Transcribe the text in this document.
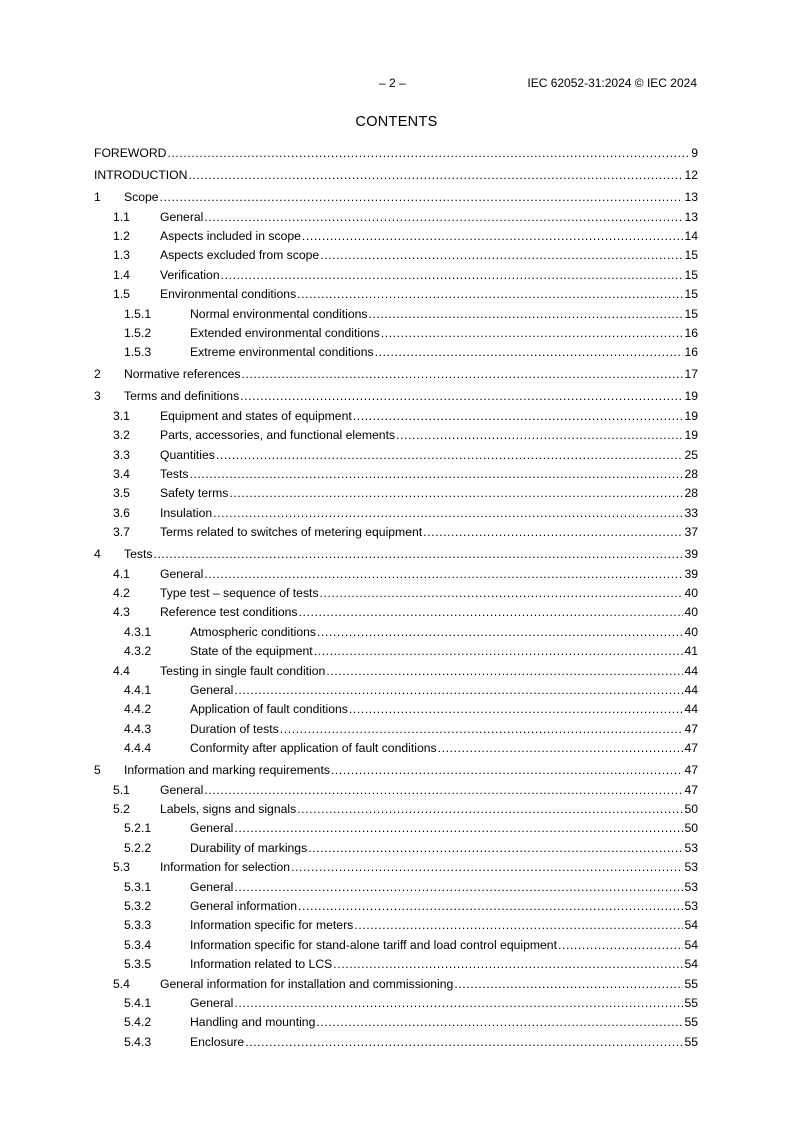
– 2 –	IEC 62052-31:2024 © IEC 2024
CONTENTS
FOREWORD .....	9
INTRODUCTION .....	12
1 Scope .....	13
1.1 General .....	13
1.2 Aspects included in scope .....	14
1.3 Aspects excluded from scope .....	15
1.4 Verification .....	15
1.5 Environmental conditions .....	15
1.5.1	Normal environmental conditions .....	15
1.5.2	Extended environmental conditions .....	16
1.5.3	Extreme environmental conditions .....	16
2 Normative references .....	17
3 Terms and definitions .....	19
3.1 Equipment and states of equipment .....	19
3.2 Parts, accessories, and functional elements .....	19
3.3 Quantities .....	25
3.4 Tests .....	28
3.5 Safety terms .....	28
3.6 Insulation .....	33
3.7 Terms related to switches of metering equipment .....	37
4 Tests .....	39
4.1 General .....	39
4.2 Type test – sequence of tests .....	40
4.3 Reference test conditions .....	40
4.3.1	Atmospheric conditions .....	40
4.3.2	State of the equipment .....	41
4.4 Testing in single fault condition .....	44
4.4.1	General .....	44
4.4.2	Application of fault conditions .....	44
4.4.3	Duration of tests .....	47
4.4.4	Conformity after application of fault conditions .....	47
5 Information and marking requirements .....	47
5.1 General .....	47
5.2 Labels, signs and signals .....	50
5.2.1	General .....	50
5.2.2	Durability of markings .....	53
5.3 Information for selection .....	53
5.3.1	General .....	53
5.3.2	General information .....	53
5.3.3	Information specific for meters .....	54
5.3.4	Information specific for stand-alone tariff and load control equipment .....	54
5.3.5	Information related to LCS .....	54
5.4 General information for installation and commissioning .....	55
5.4.1	General .....	55
5.4.2	Handling and mounting .....	55
5.4.3	Enclosure .....	55
